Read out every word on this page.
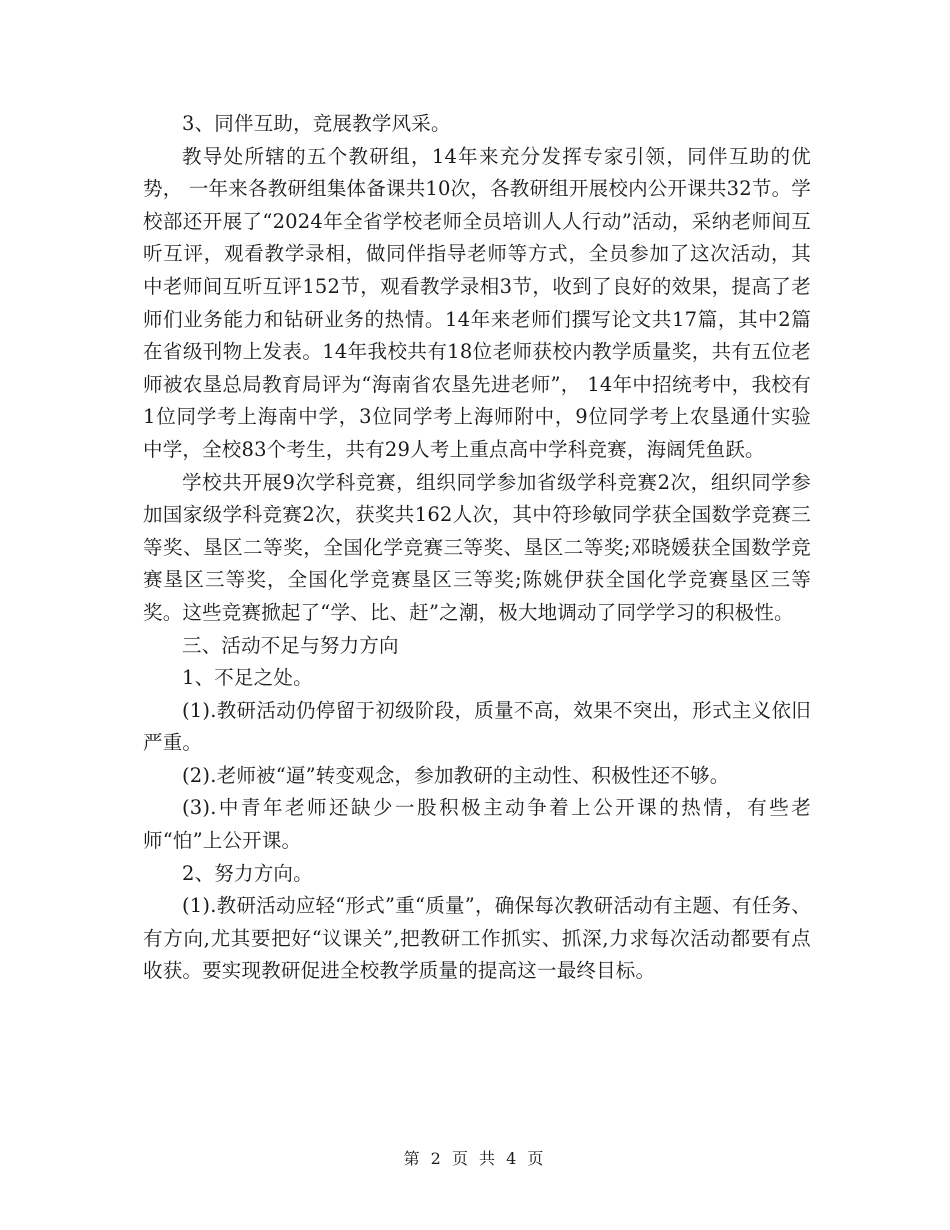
3、同伴互助，竞展教学风采。

教导处所辖的五个教研组，14年来充分发挥专家引领，同伴互助的优势， 一年来各教研组集体备课共10次，各教研组开展校内公开课共32节。学校部还开展了“2024年全省学校老师全员培训人人行动”活动，采纳老师间互听互评，观看教学录相，做同伴指导老师等方式，全员参加了这次活动，其中老师间互听互评152节，观看教学录相3节，收到了良好的效果，提高了老师们业务能力和钻研业务的热情。14年来老师们撰写论文共17篇，其中2篇在省级刊物上发表。14年我校共有18位老师获校内教学质量奖，共有五位老师被农垦总局教育局评为“海南省农垦先进老师”， 14年中招统考中，我校有1位同学考上海南中学，3位同学考上海师附中，9位同学考上农垦通什实验中学，全校83个考生，共有29人考上重点高中学科竞赛，海阔凭鱼跃。

学校共开展9次学科竞赛，组织同学参加省级学科竞赛2次，组织同学参加国家级学科竞赛2次，获奖共162人次，其中符珍敏同学获全国数学竞赛三等奖、垦区二等奖，全国化学竞赛三等奖、垦区二等奖;邓晓媛获全国数学竞赛垦区三等奖，全国化学竞赛垦区三等奖;陈姚伊获全国化学竞赛垦区三等奖。这些竞赛掀起了“学、比、赶”之潮，极大地调动了同学学习的积极性。

三、活动不足与努力方向

1、不足之处。

(1).教研活动仍停留于初级阶段，质量不高，效果不突出，形式主义依旧严重。

(2).老师被“逼”转变观念，参加教研的主动性、积极性还不够。

(3).中青年老师还缺少一股积极主动争着上公开课的热情，有些老师“怕”上公开课。

2、努力方向。

(1).教研活动应轻“形式”重“质量”，确保每次教研活动有主题、有任务、有方向,尤其要把好“议课关”,把教研工作抓实、抓深,力求每次活动都要有点收获。要实现教研促进全校教学质量的提高这一最终目标。

第 2 页 共 4 页
